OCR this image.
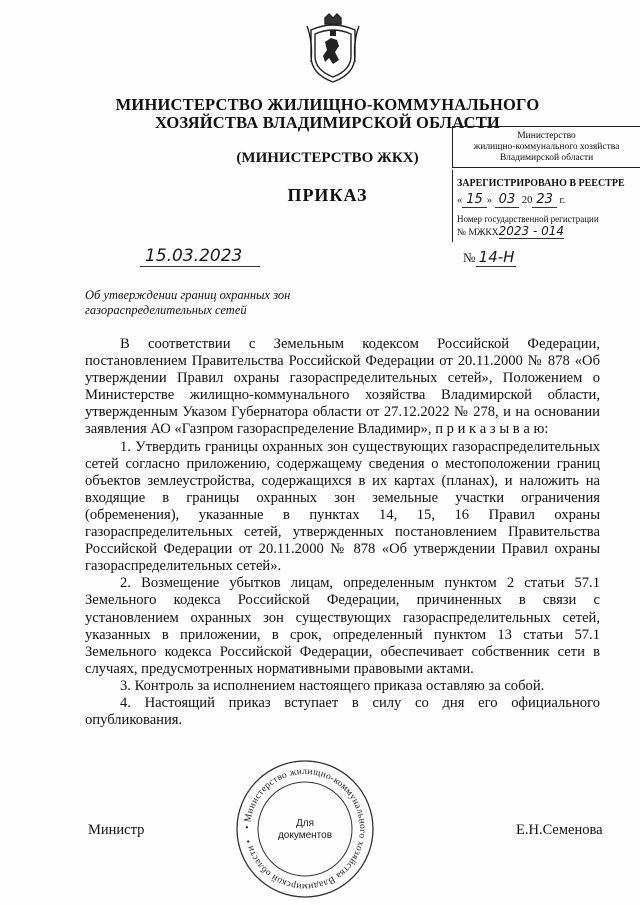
МИНИСТЕРСТВО ЖИЛИЩНО-КОММУНАЛЬНОГО
ХОЗЯЙСТВА ВЛАДИМИРСКОЙ ОБЛАСТИ
(МИНИСТЕРСТВО ЖКХ)
ПРИКАЗ
Министерство
жилищно-коммунального хозяйства
Владимирской области
ЗАРЕГИСТРИРОВАНО В РЕЕСТРЕ
« 15 » 03 20 23 г.
Номер государственной регистрации
№ МЖКХ2023 - 014
15.03.2023	№ 14-Н
Об утверждении границ охранных зон
газораспределительных сетей

В соответствии с Земельным кодексом Российской Федерации, постановлением Правительства Российской Федерации от 20.11.2000 № 878 «Об утверждении Правил охраны газораспределительных сетей», Положением о Министерстве жилищно-коммунального хозяйства Владимирской области, утвержденным Указом Губернатора области от 27.12.2022 № 278, и на основании заявления АО «Газпром газораспределение Владимир», п р и к а з ы в а ю:

1. Утвердить границы охранных зон существующих газораспределительных сетей согласно приложению, содержащему сведения о местоположении границ объектов землеустройства, содержащихся в их картах (планах), и наложить на входящие в границы охранных зон земельные участки ограничения (обременения), указанные в пунктах 14, 15, 16 Правил охраны газораспределительных сетей, утвержденных постановлением Правительства Российской Федерации от 20.11.2000 № 878 «Об утверждении Правил охраны газораспределительных сетей».

2. Возмещение убытков лицам, определенным пунктом 2 статьи 57.1 Земельного кодекса Российской Федерации, причиненных в связи с установлением охранных зон существующих газораспределительных сетей, указанных в приложении, в срок, определенный пунктом 13 статьи 57.1 Земельного кодекса Российской Федерации, обеспечивает собственник сети в случаях, предусмотренных нормативными правовыми актами.

3. Контроль за исполнением настоящего приказа оставляю за собой.

4. Настоящий приказ вступает в силу со дня его официального опубликования.

Министр	Е.Н.Семенова
• Министерство жилищно-коммунального хозяйства Владимирской области •
Для
документов
